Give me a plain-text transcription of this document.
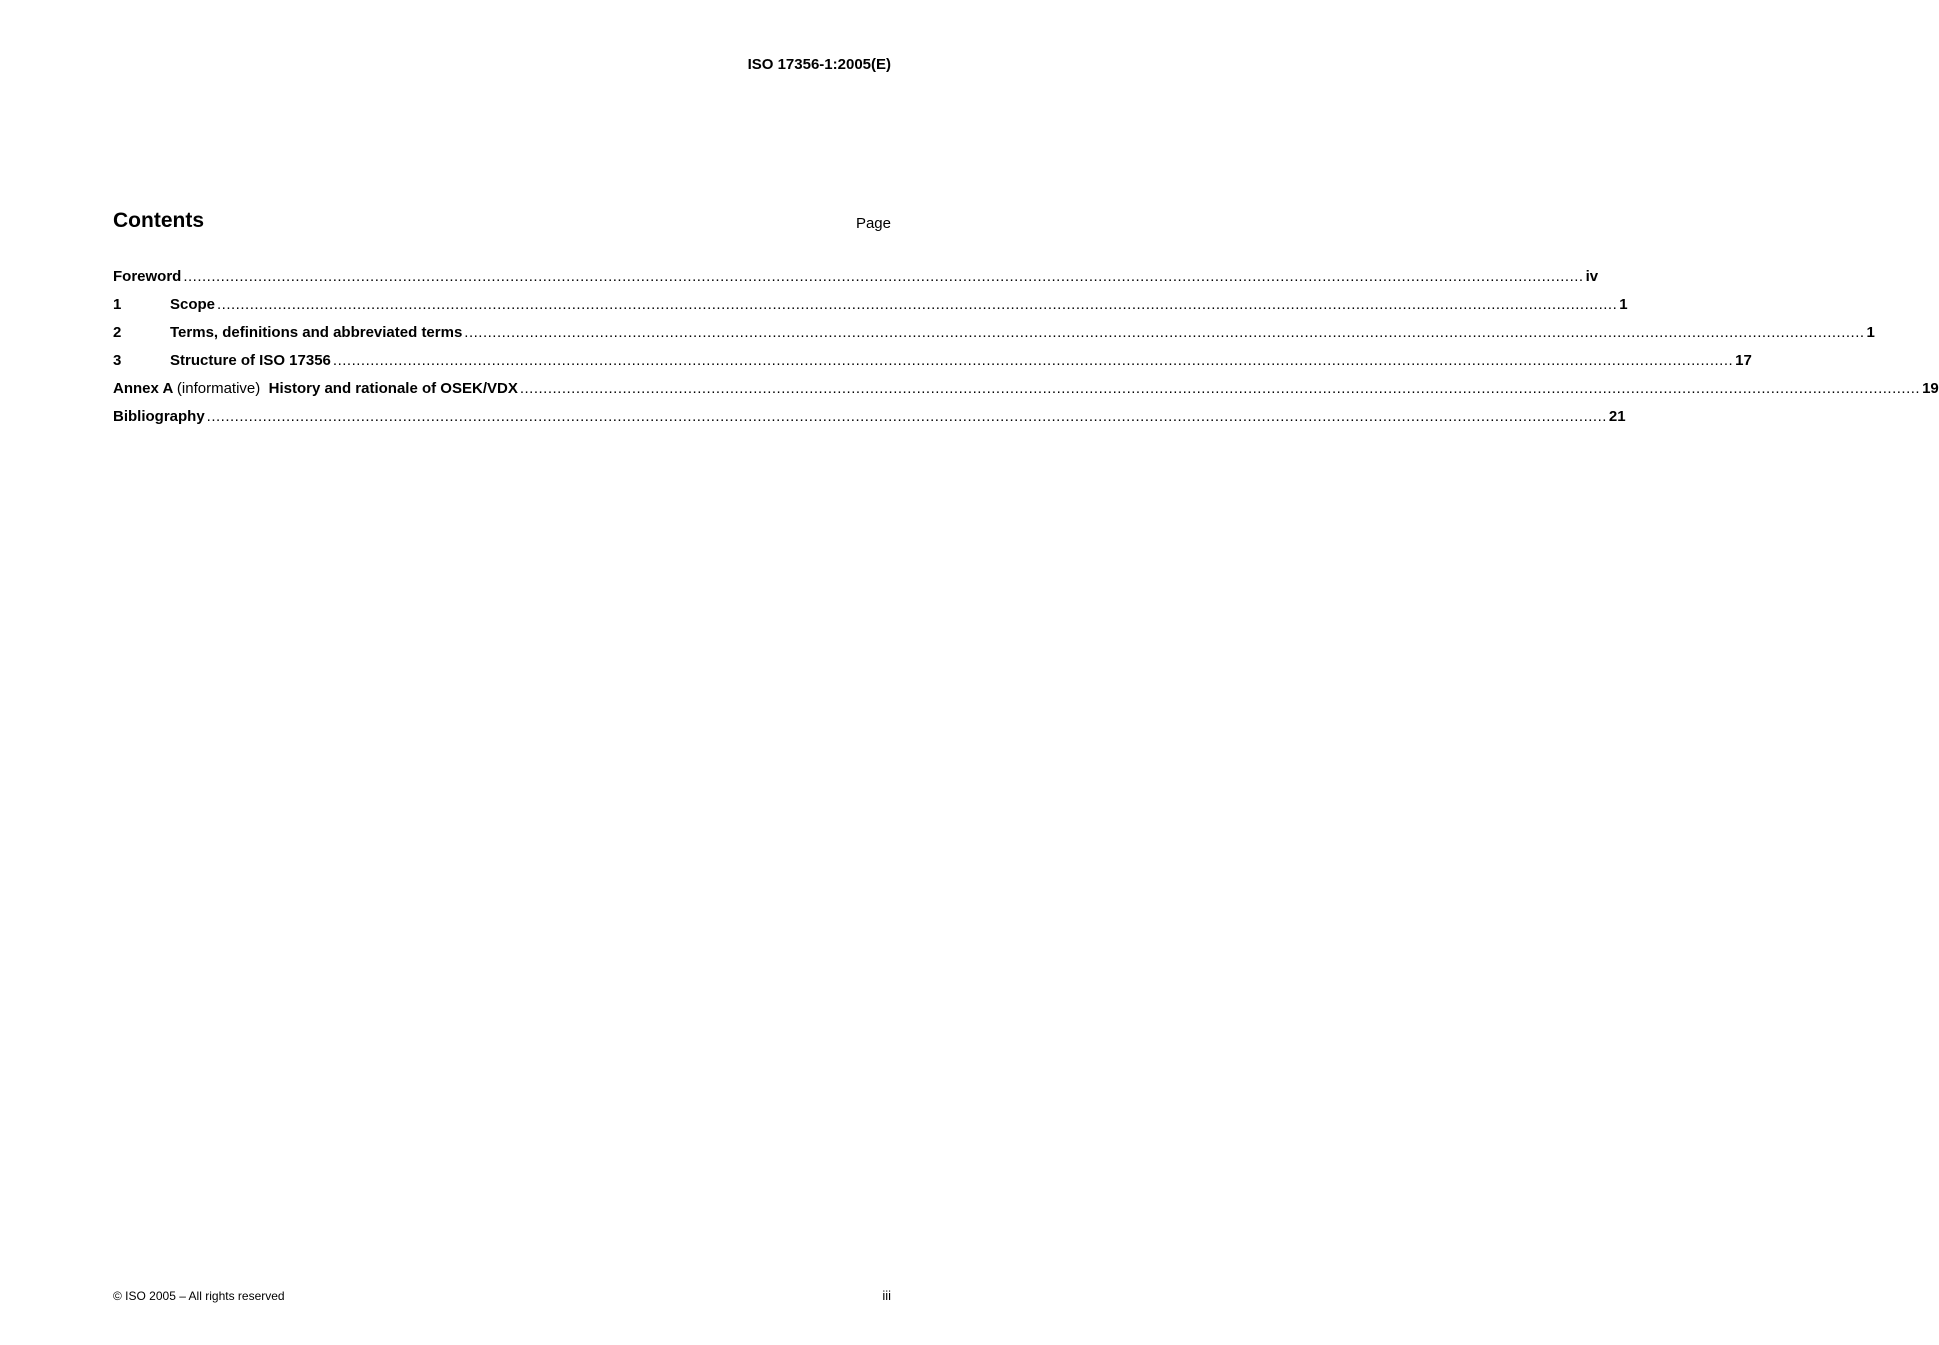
ISO 17356-1:2005(E)
Contents	Page
Foreword ............................................................................................................................................................................................................................................................................................................ iv
1	Scope ............................................................................................................................................................................................................................................................................................................ 1
2	Terms, definitions and abbreviated terms ............................................................................................................................................................................................................................................................................................................ 1
3	Structure of ISO 17356 ............................................................................................................................................................................................................................................................................................................ 17
Annex A (informative) History and rationale of OSEK/VDX ............................................................................................................................................................................................................................................................................................................ 19
Bibliography ............................................................................................................................................................................................................................................................................................................ 21
© ISO 2005 – All rights reserved	iii
